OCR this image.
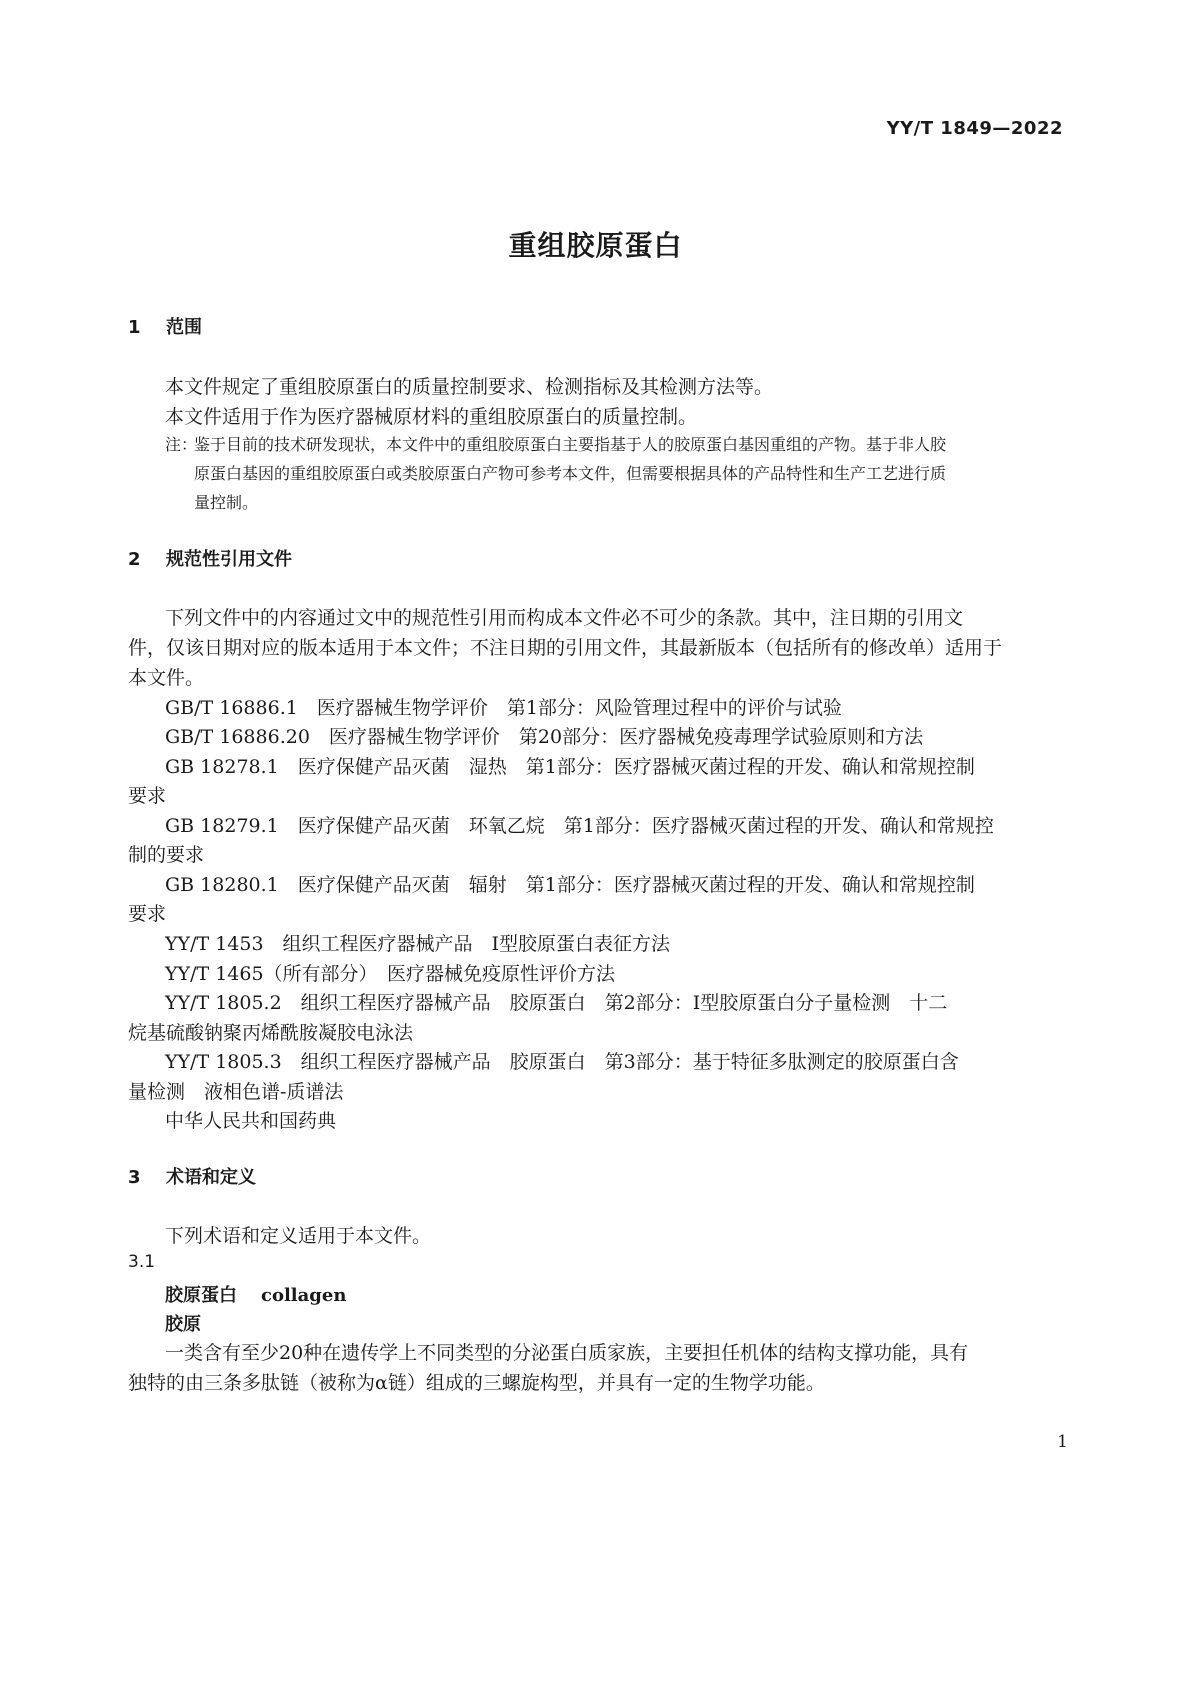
YY/T 1849—2022
重组胶原蛋白
1 范围
本文件规定了重组胶原蛋白的质量控制要求、检测指标及其检测方法等。
本文件适用于作为医疗器械原材料的重组胶原蛋白的质量控制。
注：
鉴于目前的技术研发现状，本文件中的重组胶原蛋白主要指基于人的胶原蛋白基因重组的产物。基于非人胶
原蛋白基因的重组胶原蛋白或类胶原蛋白产物可参考本文件，但需要根据具体的产品特性和生产工艺进行质
量控制。
2 规范性引用文件
下列文件中的内容通过文中的规范性引用而构成本文件必不可少的条款。其中，注日期的引用文
件，仅该日期对应的版本适用于本文件；不注日期的引用文件，其最新版本（包括所有的修改单）适用于
本文件。
GB/T 16886.1　医疗器械生物学评价　第1部分：风险管理过程中的评价与试验
GB/T 16886.20　医疗器械生物学评价　第20部分：医疗器械免疫毒理学试验原则和方法
GB 18278.1　医疗保健产品灭菌　湿热　第1部分：医疗器械灭菌过程的开发、确认和常规控制
要求
GB 18279.1　医疗保健产品灭菌　环氧乙烷　第1部分：医疗器械灭菌过程的开发、确认和常规控
制的要求
GB 18280.1　医疗保健产品灭菌　辐射　第1部分：医疗器械灭菌过程的开发、确认和常规控制
要求
YY/T 1453　组织工程医疗器械产品　Ⅰ型胶原蛋白表征方法
YY/T 1465（所有部分）　医疗器械免疫原性评价方法
YY/T 1805.2　组织工程医疗器械产品　胶原蛋白　第2部分：Ⅰ型胶原蛋白分子量检测　十二
烷基硫酸钠聚丙烯酰胺凝胶电泳法
YY/T 1805.3　组织工程医疗器械产品　胶原蛋白　第3部分：基于特征多肽测定的胶原蛋白含
量检测　液相色谱-质谱法
中华人民共和国药典
3 术语和定义
下列术语和定义适用于本文件。
3.1
胶原蛋白 collagen
胶原
一类含有至少20种在遗传学上不同类型的分泌蛋白质家族，主要担任机体的结构支撑功能，具有
独特的由三条多肽链（被称为α链）组成的三螺旋构型，并具有一定的生物学功能。
1
